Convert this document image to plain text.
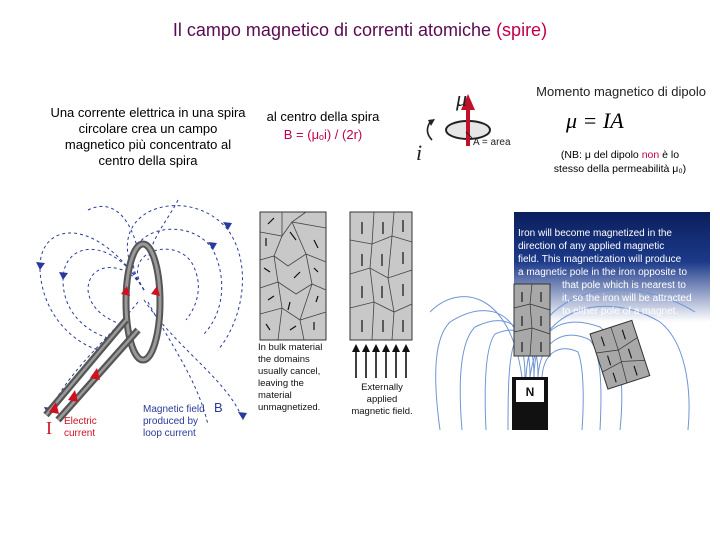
Il campo magnetico di correnti atomiche (spire)
Una corrente elettrica in una spira
circolare crea un campo
magnetico più concentrato al
centro della spira
al centro della spira
B = (μₒi) / (2r)
Momento magnetico di dipolo
μ
i	A = area
μ = IA
(NB: μ del dipolo non è lo
stesso della permeabilità μ₀)
I Electric
current
Magnetic field B
produced by
loop current
In bulk material
the domains
usually cancel,
leaving the
material
unmagnetized.
Externally
applied
magnetic field.
Iron will become magnetized in the
direction of any applied magnetic
field. This magnetization will produce
a magnetic pole in the iron opposite to
that pole which is nearest to
it, so the iron will be attracted
to either pole of a magnet.
N
